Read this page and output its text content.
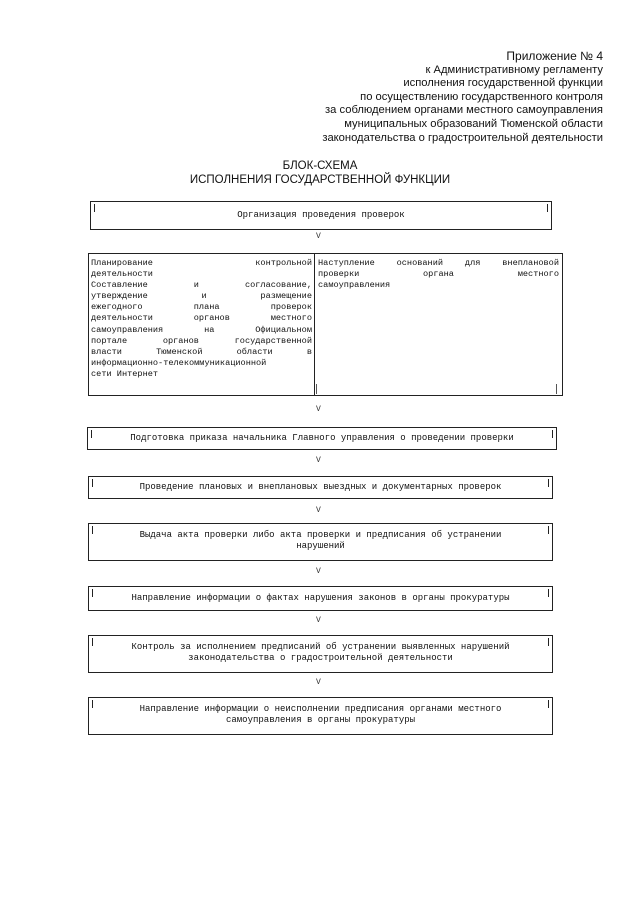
Приложение № 4
к Административному регламенту
исполнения государственной функции
по осуществлению государственного контроля
за соблюдением органами местного самоуправления
муниципальных образований Тюменской области
законодательства о градостроительной деятельности
БЛОК-СХЕМА
ИСПОЛНЕНИЯ ГОСУДАРСТВЕННОЙ ФУНКЦИИ
Организация проведения проверок
V
Планирование контрольной
деятельности
Составление и согласование,
утверждение и размещение
ежегодного плана проверок
деятельности органов местного
самоуправления на Официальном
портале органов государственной
власти Тюменской области в
информационно-телекоммуникационной
сети Интернет
Наступление оснований для внеплановой
проверки органа местного
самоуправления
V
Подготовка приказа начальника Главного управления о проведении проверки
V
Проведение плановых и внеплановых выездных и документарных проверок
V
Выдача акта проверки либо акта проверки и предписания об устранении
нарушений
V
Направление информации о фактах нарушения законов в органы прокуратуры
V
Контроль за исполнением предписаний об устранении выявленных нарушений
законодательства о градостроительной деятельности
V
Направление информации о неисполнении предписания органами местного
самоуправления в органы прокуратуры
